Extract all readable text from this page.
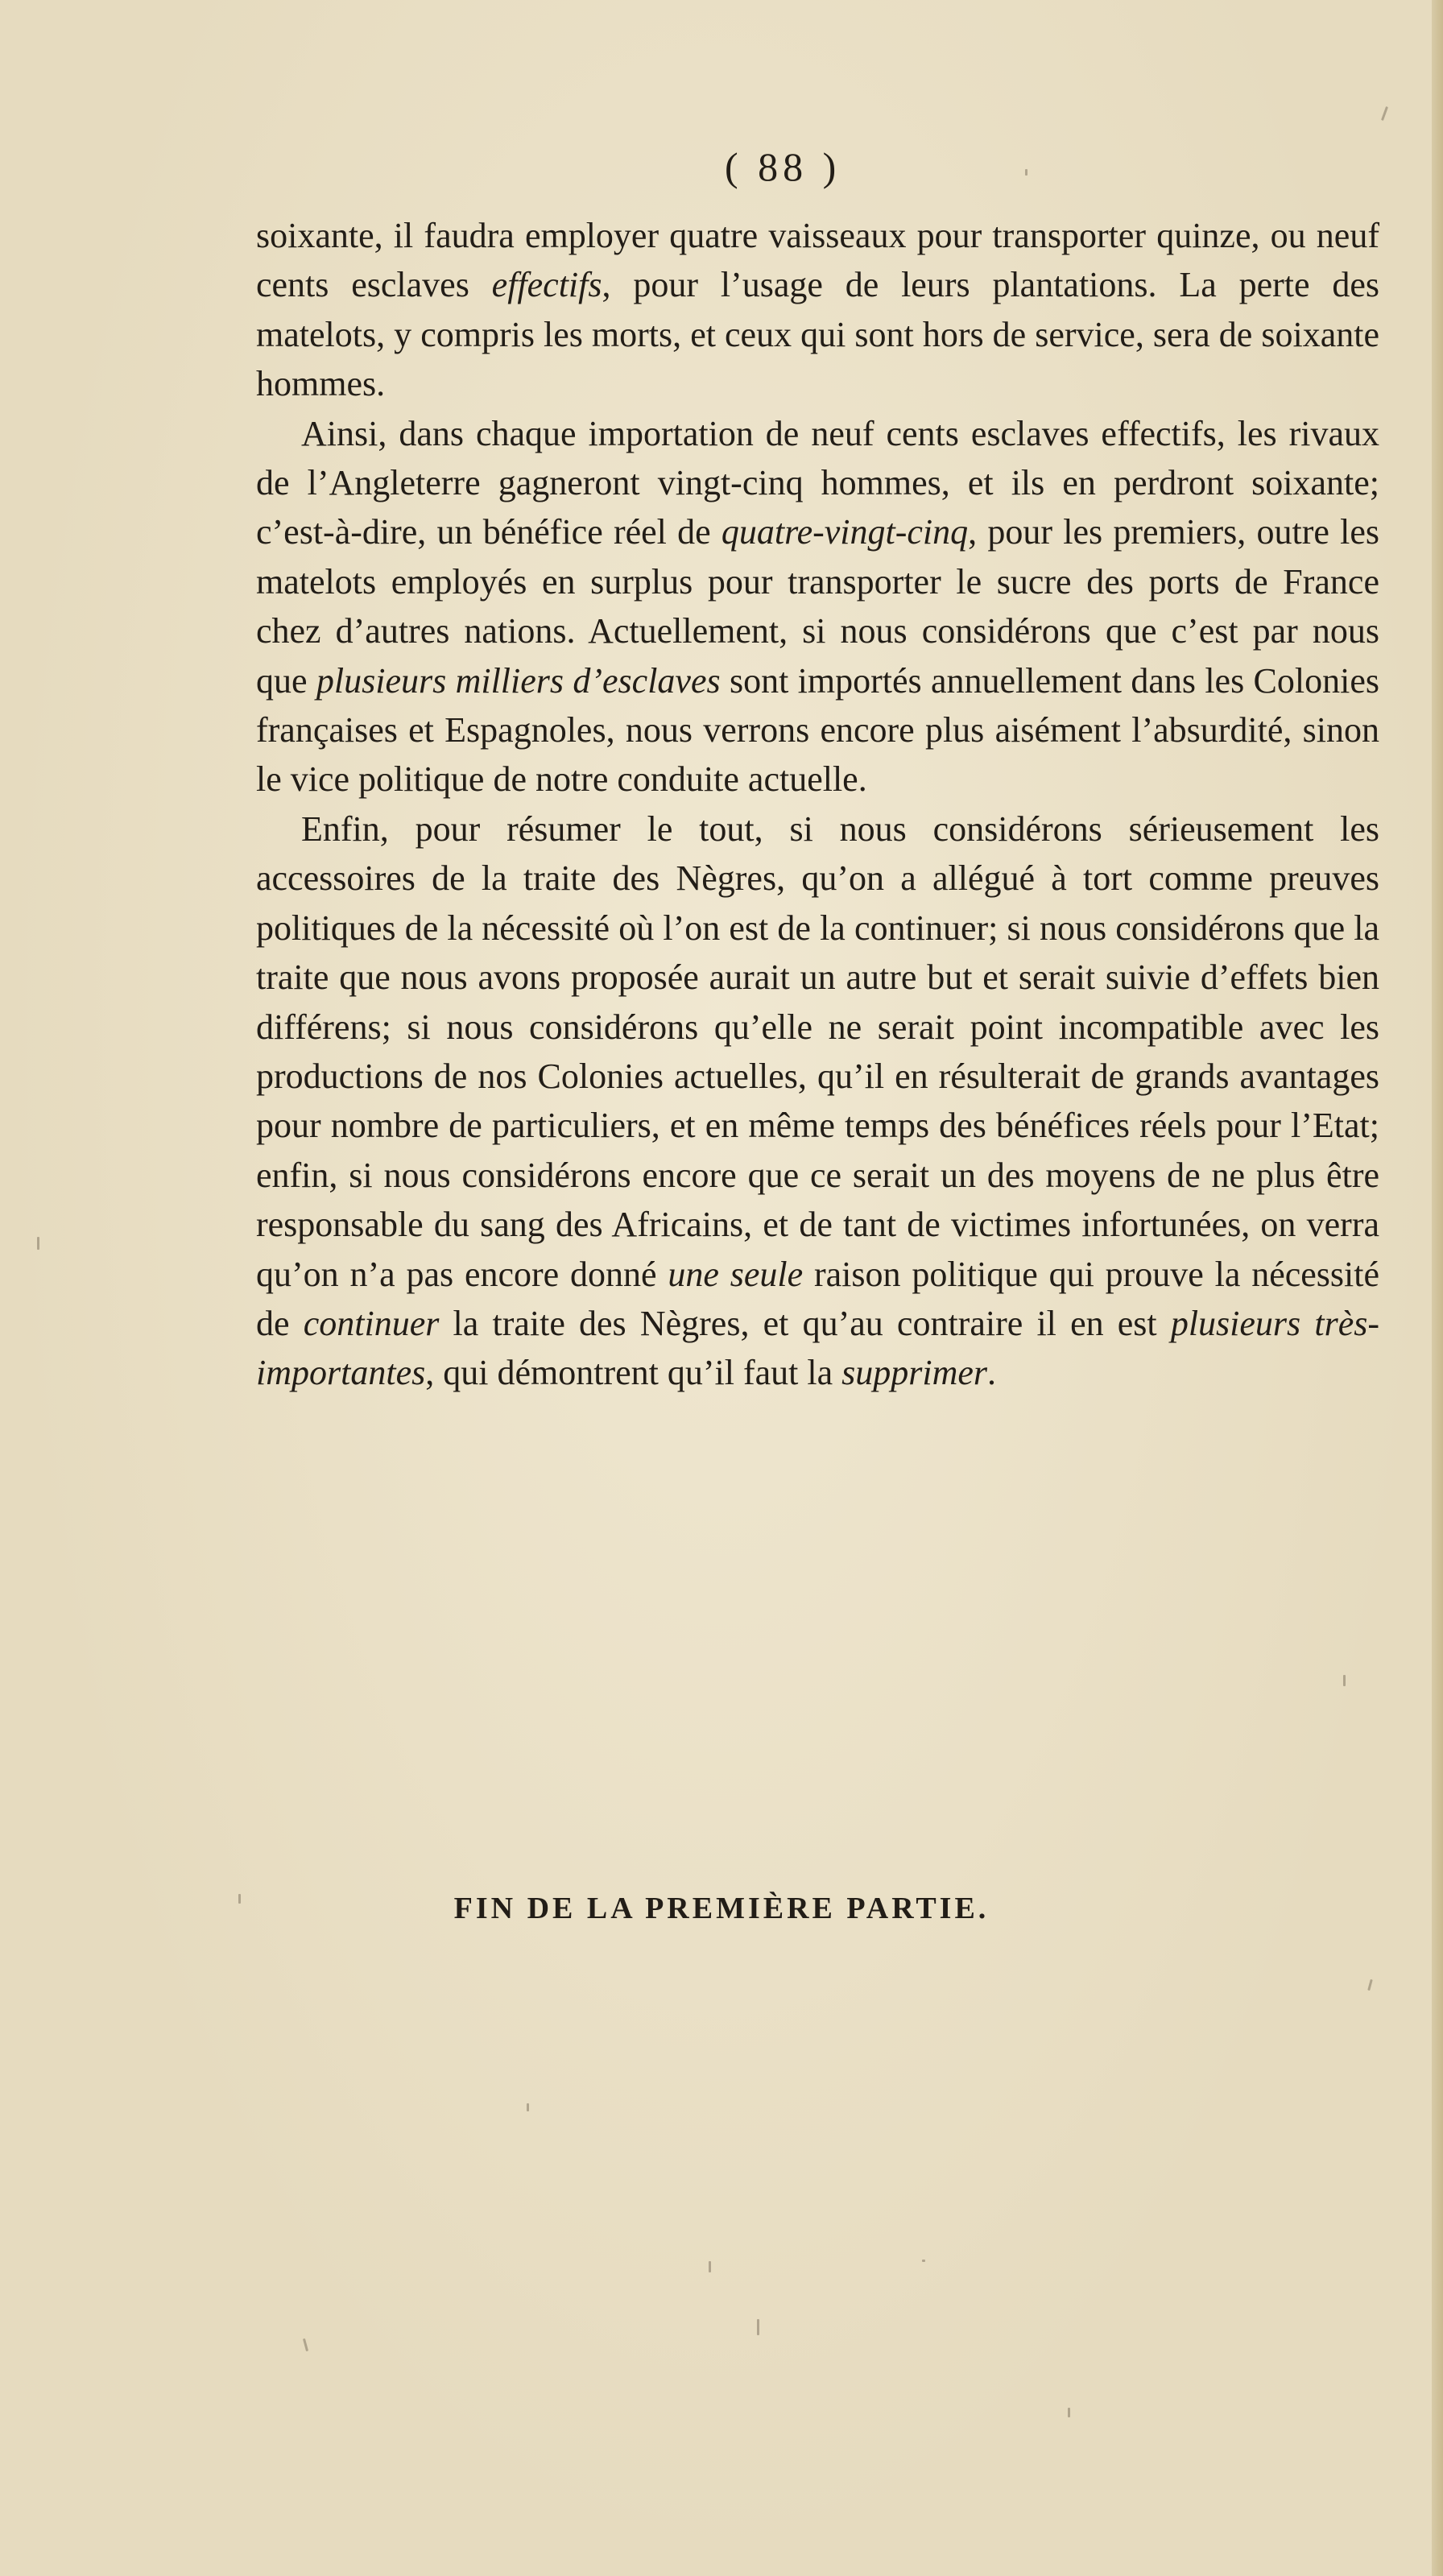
( 88 )

soixante, il faudra employer quatre vaisseaux pour transporter quinze, ou neuf cents esclaves effectifs, pour l’usage de leurs plantations. La perte des matelots, y compris les morts, et ceux qui sont hors de service, sera de soixante hommes.

Ainsi, dans chaque importation de neuf cents esclaves effectifs, les rivaux de l’Angleterre gagneront vingt-cinq hommes, et ils en perdront soixante; c’est-à-dire, un bénéfice réel de quatre-vingt-cinq, pour les premiers, outre les matelots employés en surplus pour transporter le sucre des ports de France chez d’autres nations. Actuellement, si nous considérons que c’est par nous que plusieurs milliers d’esclaves sont importés annuellement dans les Colonies françaises et Espagnoles, nous verrons encore plus aisément l’absurdité, sinon le vice politique de notre conduite actuelle.

Enfin, pour résumer le tout, si nous considérons sérieusement les accessoires de la traite des Nègres, qu’on a allégué à tort comme preuves politiques de la nécessité où l’on est de la continuer; si nous considérons que la traite que nous avons proposée aurait un autre but et serait suivie d’effets bien différens; si nous considérons qu’elle ne serait point incompatible avec les productions de nos Colonies actuelles, qu’il en résulterait de grands avantages pour nombre de particuliers, et en même temps des bénéfices réels pour l’Etat; enfin, si nous considérons encore que ce serait un des moyens de ne plus être responsable du sang des Africains, et de tant de victimes infortunées, on verra qu’on n’a pas encore donné une seule raison politique qui prouve la nécessité de continuer la traite des Nègres, et qu’au contraire il en est plusieurs très-importantes, qui démontrent qu’il faut la supprimer.

FIN DE LA PREMIÈRE PARTIE.
